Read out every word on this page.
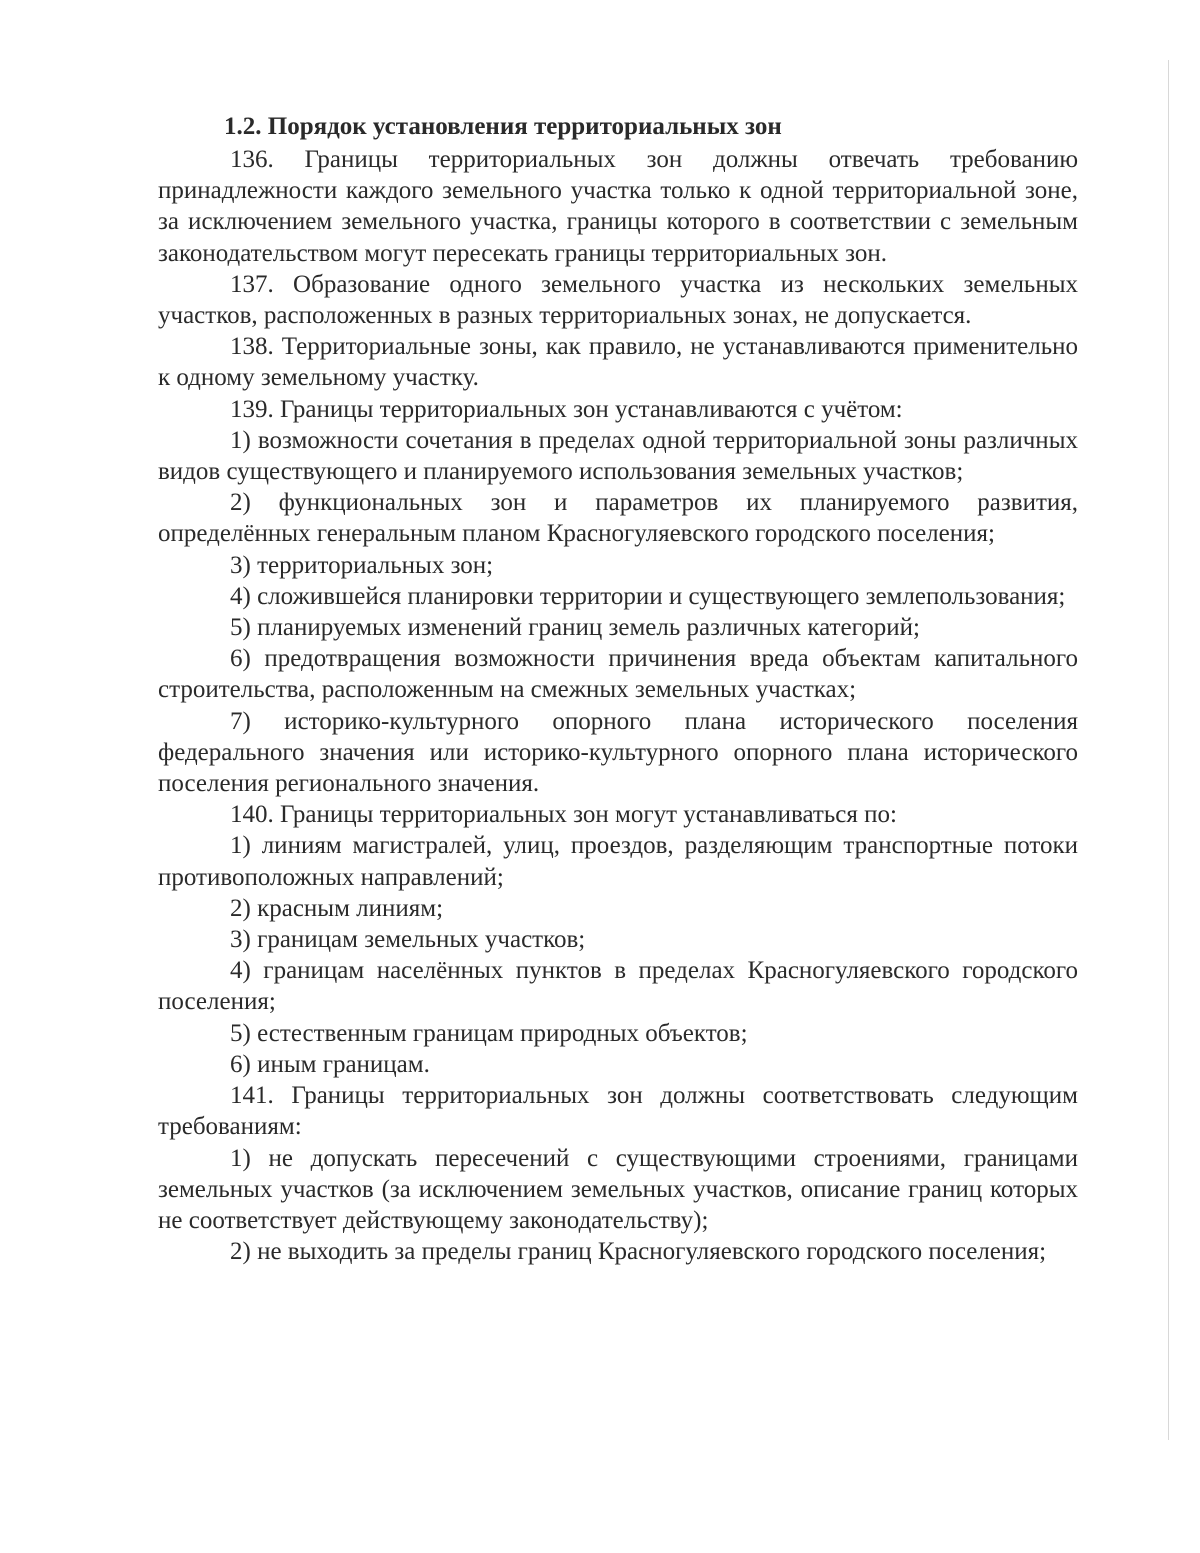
1.2. Порядок установления территориальных зон

136. Границы территориальных зон должны отвечать требованию принадлежности каждого земельного участка только к одной территориальной зоне, за исключением земельного участка, границы которого в соответствии с земельным законодательством могут пересекать границы территориальных зон.

137. Образование одного земельного участка из нескольких земельных участков, расположенных в разных территориальных зонах, не допускается.

138. Территориальные зоны, как правило, не устанавливаются применительно к одному земельному участку.

139. Границы территориальных зон устанавливаются с учётом:

1) возможности сочетания в пределах одной территориальной зоны различных видов существующего и планируемого использования земельных участков;

2) функциональных зон и параметров их планируемого развития, определённых генеральным планом Красногуляевского городского поселения;

3) территориальных зон;

4) сложившейся планировки территории и существующего землепользования;

5) планируемых изменений границ земель различных категорий;

6) предотвращения возможности причинения вреда объектам капитального строительства, расположенным на смежных земельных участках;

7) историко-культурного опорного плана исторического поселения федерального значения или историко-культурного опорного плана исторического поселения регионального значения.

140. Границы территориальных зон могут устанавливаться по:

1) линиям магистралей, улиц, проездов, разделяющим транспортные потоки противоположных направлений;

2) красным линиям;

3) границам земельных участков;

4) границам населённых пунктов в пределах Красногуляевского городского поселения;

5) естественным границам природных объектов;

6) иным границам.

141. Границы территориальных зон должны соответствовать следующим требованиям:

1) не допускать пересечений с существующими строениями, границами земельных участков (за исключением земельных участков, описание границ которых не соответствует действующему законодательству);

2) не выходить за пределы границ Красногуляевского городского поселения;
